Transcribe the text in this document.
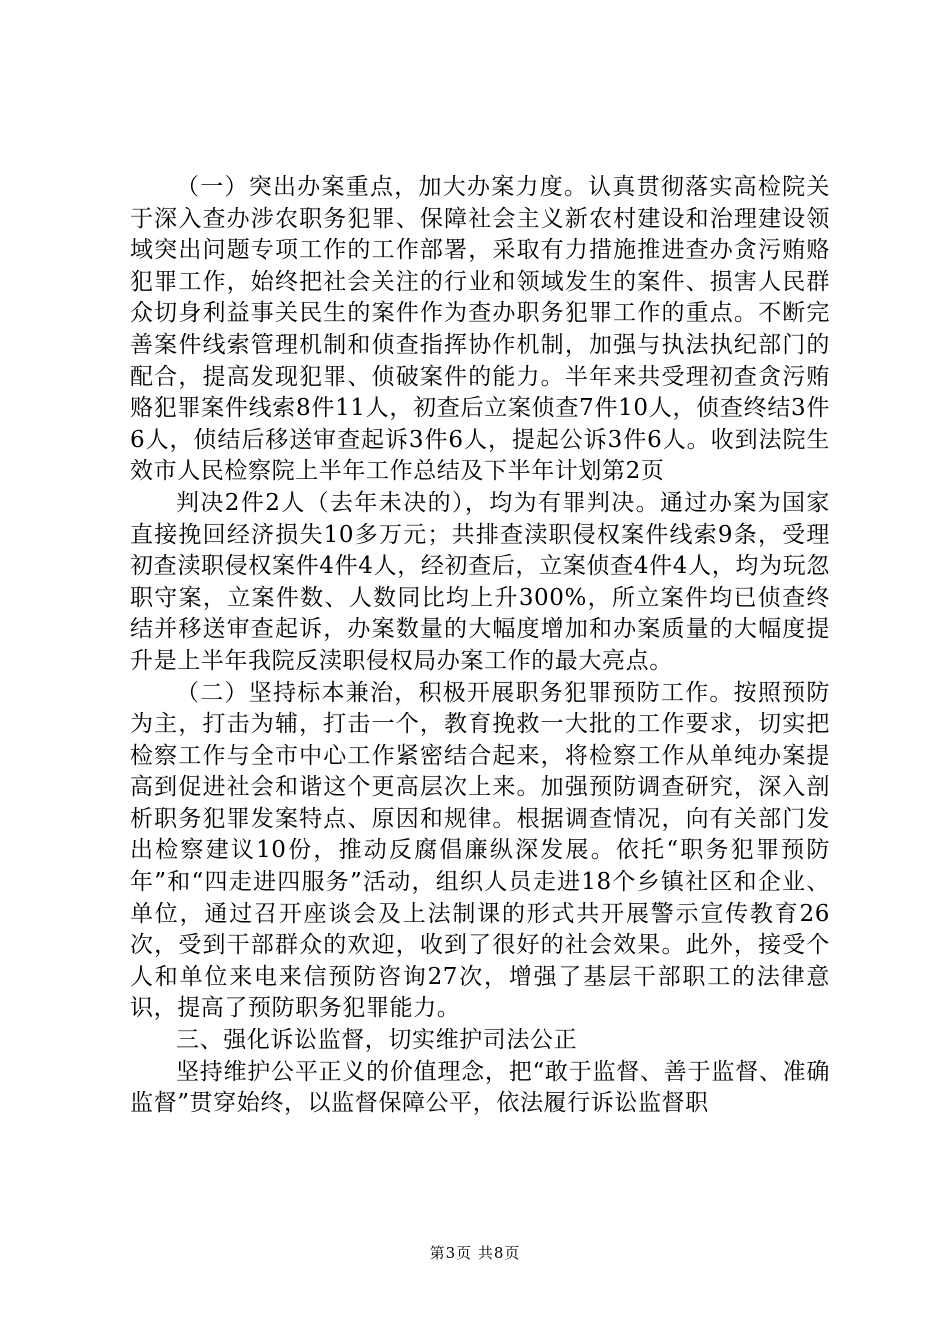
（一）突出办案重点，加大办案力度。认真贯彻落实高检院关于深入查办涉农职务犯罪、保障社会主义新农村建设和治理建设领域突出问题专项工作的工作部署，采取有力措施推进查办贪污贿赂犯罪工作，始终把社会关注的行业和领域发生的案件、损害人民群众切身利益事关民生的案件作为查办职务犯罪工作的重点。不断完善案件线索管理机制和侦查指挥协作机制，加强与执法执纪部门的配合，提高发现犯罪、侦破案件的能力。半年来共受理初查贪污贿赂犯罪案件线索8件11人，初查后立案侦查7件10人，侦查终结3件6人，侦结后移送审查起诉3件6人，提起公诉3件6人。收到法院生效市人民检察院上半年工作总结及下半年计划第2页

判决2件2人（去年未决的），均为有罪判决。通过办案为国家直接挽回经济损失10多万元；共排查渎职侵权案件线索9条，受理初查渎职侵权案件4件4人，经初查后，立案侦查4件4人，均为玩忽职守案，立案件数、人数同比均上升300%，所立案件均已侦查终结并移送审查起诉，办案数量的大幅度增加和办案质量的大幅度提升是上半年我院反渎职侵权局办案工作的最大亮点。

（二）坚持标本兼治，积极开展职务犯罪预防工作。按照预防为主，打击为辅，打击一个，教育挽救一大批的工作要求，切实把检察工作与全市中心工作紧密结合起来，将检察工作从单纯办案提高到促进社会和谐这个更高层次上来。加强预防调查研究，深入剖析职务犯罪发案特点、原因和规律。根据调查情况，向有关部门发出检察建议10份，推动反腐倡廉纵深发展。依托“职务犯罪预防年”和“四走进四服务”活动，组织人员走进18个乡镇社区和企业、单位，通过召开座谈会及上法制课的形式共开展警示宣传教育26次，受到干部群众的欢迎，收到了很好的社会效果。此外，接受个人和单位来电来信预防咨询27次，增强了基层干部职工的法律意识，提高了预防职务犯罪能力。

三、强化诉讼监督，切实维护司法公正

坚持维护公平正义的价值理念，把“敢于监督、善于监督、准确监督”贯穿始终，以监督保障公平，依法履行诉讼监督职

第3页 共8页
